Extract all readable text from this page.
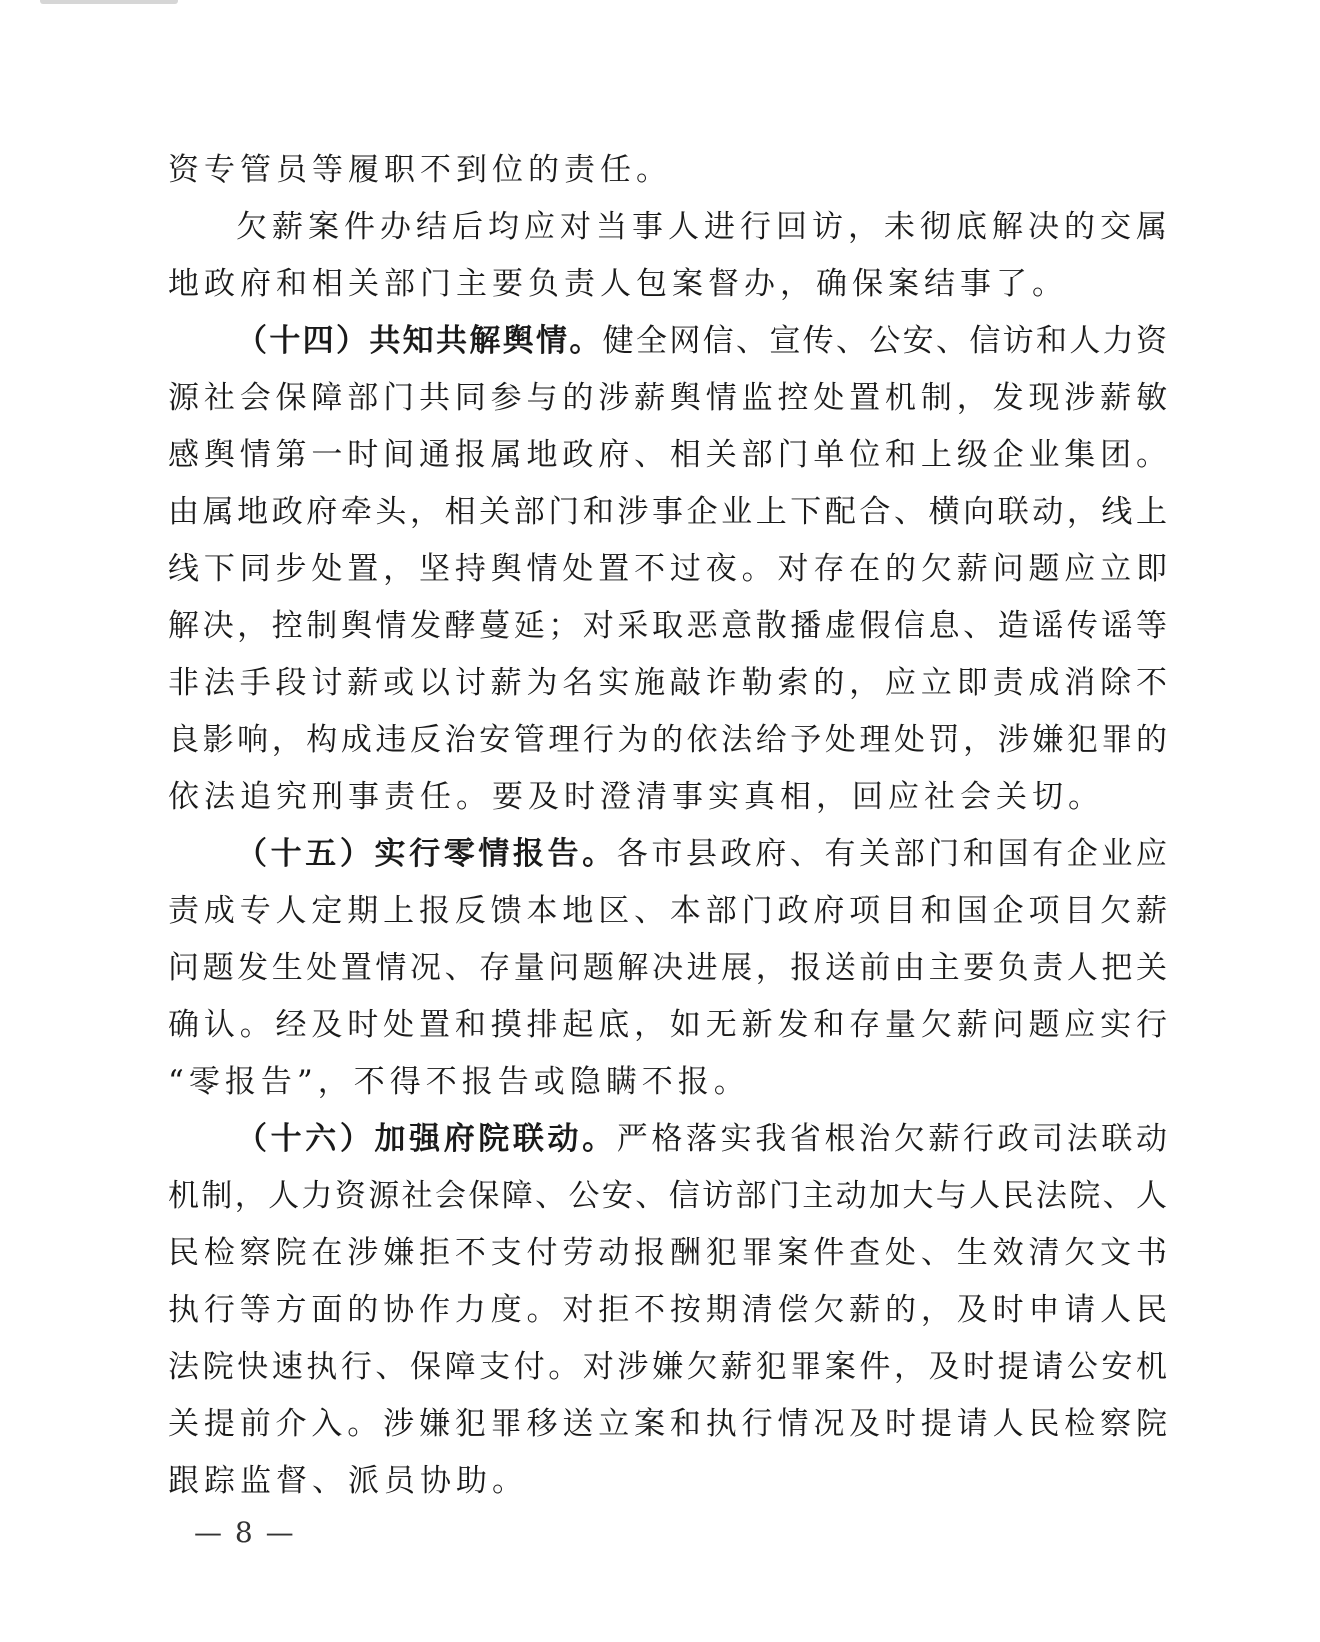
资专管员等履职不到位的责任。
欠薪案件办结后均应对当事人进行回访，未彻底解决的交属
地政府和相关部门主要负责人包案督办，确保案结事了。
（十四）共知共解舆情。健全网信、宣传、公安、信访和人力资
源社会保障部门共同参与的涉薪舆情监控处置机制，发现涉薪敏
感舆情第一时间通报属地政府、相关部门单位和上级企业集团。
由属地政府牵头，相关部门和涉事企业上下配合、横向联动，线上
线下同步处置，坚持舆情处置不过夜。对存在的欠薪问题应立即
解决，控制舆情发酵蔓延；对采取恶意散播虚假信息、造谣传谣等
非法手段讨薪或以讨薪为名实施敲诈勒索的，应立即责成消除不
良影响，构成违反治安管理行为的依法给予处理处罚，涉嫌犯罪的
依法追究刑事责任。要及时澄清事实真相，回应社会关切。
（十五）实行零情报告。各市县政府、有关部门和国有企业应
责成专人定期上报反馈本地区、本部门政府项目和国企项目欠薪
问题发生处置情况、存量问题解决进展，报送前由主要负责人把关
确认。经及时处置和摸排起底，如无新发和存量欠薪问题应实行
“零报告”，不得不报告或隐瞒不报。
（十六）加强府院联动。严格落实我省根治欠薪行政司法联动
机制，人力资源社会保障、公安、信访部门主动加大与人民法院、人
民检察院在涉嫌拒不支付劳动报酬犯罪案件查处、生效清欠文书
执行等方面的协作力度。对拒不按期清偿欠薪的，及时申请人民
法院快速执行、保障支付。对涉嫌欠薪犯罪案件，及时提请公安机
关提前介入。涉嫌犯罪移送立案和执行情况及时提请人民检察院
跟踪监督、派员协助。
— 8 —
